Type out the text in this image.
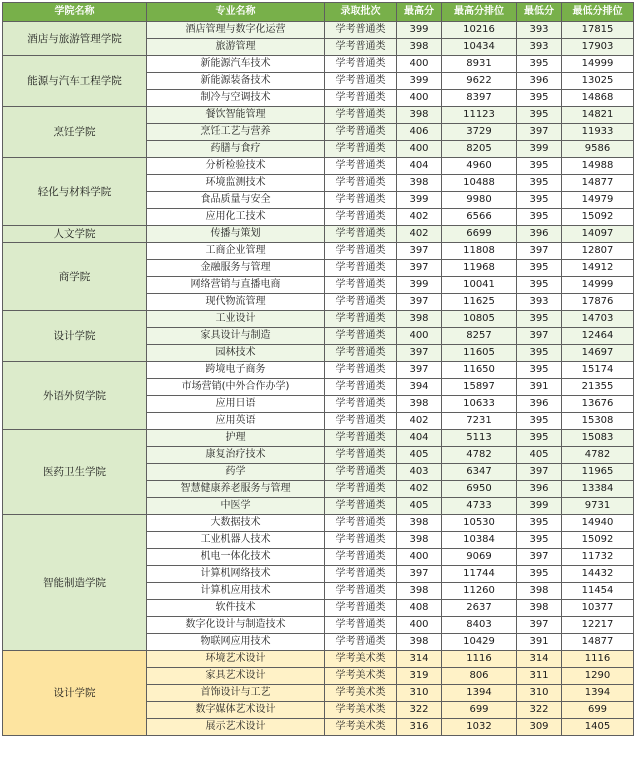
学院名称	专业名称	录取批次	最高分	最高分排位	最低分	最低分排位
酒店与旅游管理学院	酒店管理与数字化运营	学考普通类	399	10216	393	17815
	旅游管理	学考普通类	398	10434	393	17903
能源与汽车工程学院	新能源汽车技术	学考普通类	400	8931	395	14999
	新能源装备技术	学考普通类	399	9622	396	13025
	制冷与空调技术	学考普通类	400	8397	395	14868
烹饪学院	餐饮智能管理	学考普通类	398	11123	395	14821
	烹饪工艺与营养	学考普通类	406	3729	397	11933
	药膳与食疗	学考普通类	400	8205	399	9586
轻化与材料学院	分析检验技术	学考普通类	404	4960	395	14988
	环境监测技术	学考普通类	398	10488	395	14877
	食品质量与安全	学考普通类	399	9980	395	14979
	应用化工技术	学考普通类	402	6566	395	15092
人文学院	传播与策划	学考普通类	402	6699	396	14097
商学院	工商企业管理	学考普通类	397	11808	397	12807
	金融服务与管理	学考普通类	397	11968	395	14912
	网络营销与直播电商	学考普通类	399	10041	395	14999
	现代物流管理	学考普通类	397	11625	393	17876
设计学院	工业设计	学考普通类	398	10805	395	14703
	家具设计与制造	学考普通类	400	8257	397	12464
	园林技术	学考普通类	397	11605	395	14697
外语外贸学院	跨境电子商务	学考普通类	397	11650	395	15174
	市场营销(中外合作办学)	学考普通类	394	15897	391	21355
	应用日语	学考普通类	398	10633	396	13676
	应用英语	学考普通类	402	7231	395	15308
医药卫生学院	护理	学考普通类	404	5113	395	15083
	康复治疗技术	学考普通类	405	4782	405	4782
	药学	学考普通类	403	6347	397	11965
	智慧健康养老服务与管理	学考普通类	402	6950	396	13384
	中医学	学考普通类	405	4733	399	9731
智能制造学院	大数据技术	学考普通类	398	10530	395	14940
	工业机器人技术	学考普通类	398	10384	395	15092
	机电一体化技术	学考普通类	400	9069	397	11732
	计算机网络技术	学考普通类	397	11744	395	14432
	计算机应用技术	学考普通类	398	11260	398	11454
	软件技术	学考普通类	408	2637	398	10377
	数字化设计与制造技术	学考普通类	400	8403	397	12217
	物联网应用技术	学考普通类	398	10429	391	14877
设计学院	环境艺术设计	学考美术类	314	1116	314	1116
	家具艺术设计	学考美术类	319	806	311	1290
	首饰设计与工艺	学考美术类	310	1394	310	1394
	数字媒体艺术设计	学考美术类	322	699	322	699
	展示艺术设计	学考美术类	316	1032	309	1405
